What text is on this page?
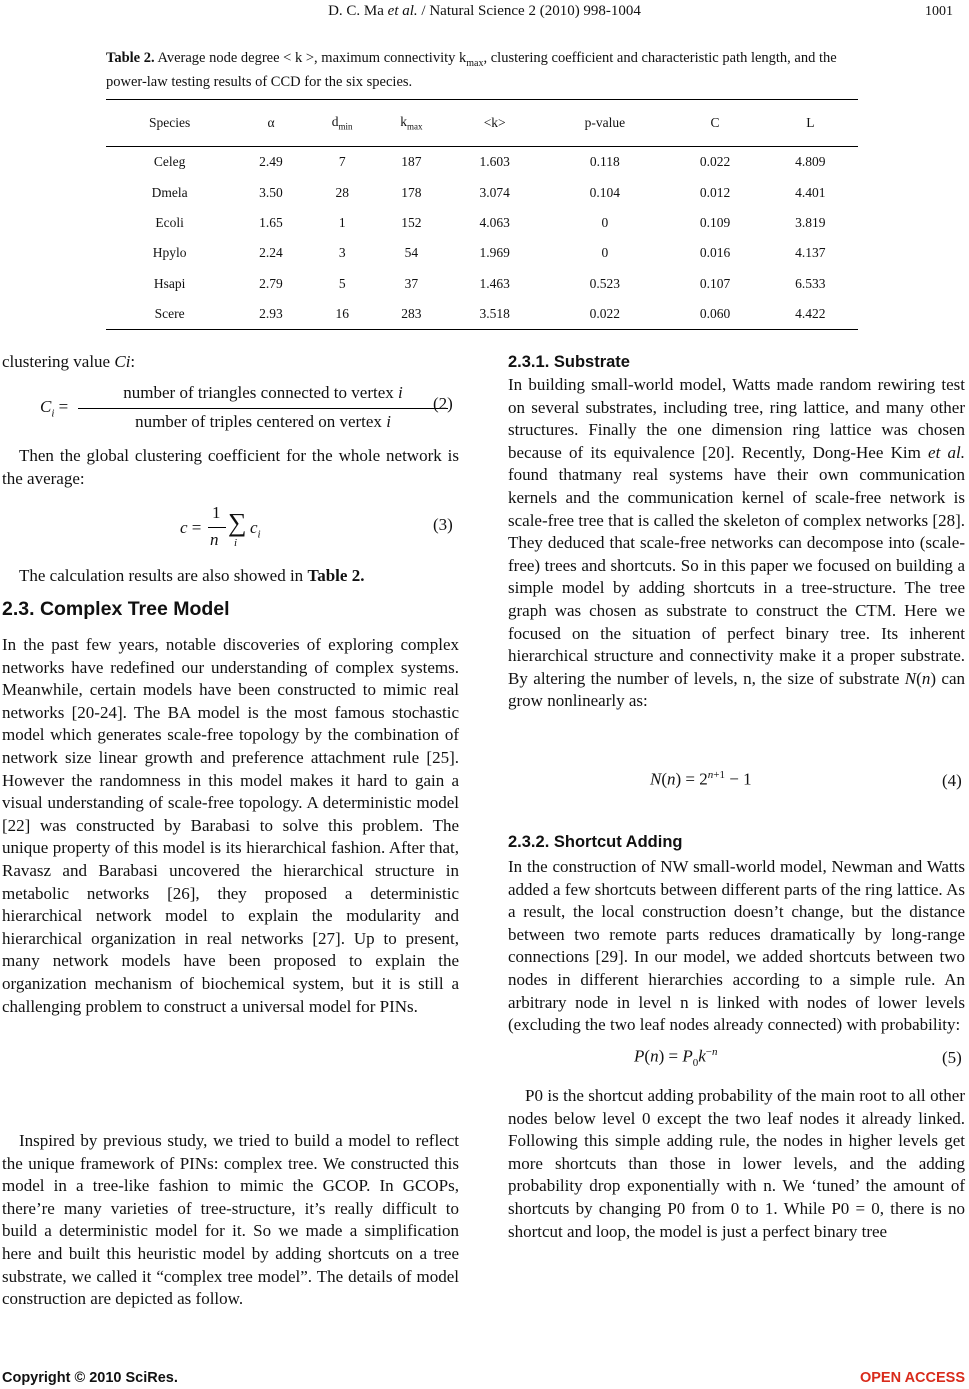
D. C. Ma et al. / Natural Science 2 (2010) 998-1004	1001
Table 2. Average node degree < k >, maximum connectivity $k_{max}$, clustering coefficient and characteristic path length, and the power-law testing results of CCD for the six species.
Species	α	$d_{min}$	$k_{max}$	<k>	p-value	C	L
Celeg	2.49	7	187	1.603	0.118	0.022	4.809
Dmela	3.50	28	178	3.074	0.104	0.012	4.401
Ecoli	1.65	1	152	4.063	0	0.109	3.819
Hpylo	2.24	3	54	1.969	0	0.016	4.137
Hsapi	2.79	5	37	1.463	0.523	0.107	6.533
Scere	2.93	16	283	3.518	0.022	0.060	4.422
clustering value Ci:
$C_i$ =
number of triangles connected to vertex i
number of triples centered on vertex i
(2)
Then the global clustering coefficient for the whole network is the average:
c =
1
n
∑
i
$c_i$
(3)
The calculation results are also showed in Table 2.
2.3. Complex Tree Model
In the past few years, notable discoveries of exploring complex networks have redefined our understanding of complex systems. Meanwhile, certain models have been constructed to mimic real networks [20-24]. The BA model is the most famous stochastic model which generates scale-free topology by the combination of network size linear growth and preference attachment rule [25]. However the randomness in this model makes it hard to gain a visual understanding of scale-free topology. A deterministic model [22] was constructed by Barabasi to solve this problem. The unique property of this model is its hierarchical fashion. After that, Ravasz and Barabasi uncovered the hierarchical structure in metabolic networks [26], they proposed a deterministic hierarchical network model to explain the modularity and hierarchical organization in real networks [27]. Up to present, many network models have been proposed to explain the organization mechanism of biochemical system, but it is still a challenging problem to construct a universal model for PINs.
Inspired by previous study, we tried to build a model to reflect the unique framework of PINs: complex tree. We constructed this model in a tree-like fashion to mimic the GCOP. In GCOPs, there’re many varieties of tree-structure, it’s really difficult to build a deterministic model for it. So we made a simplification here and built this heuristic model by adding shortcuts on a tree substrate, we called it “complex tree model”. The details of model construction are depicted as follow.
2.3.1. Substrate
In building small-world model, Watts made random rewiring test on several substrates, including tree, ring lattice, and many other structures. Finally the one dimension ring lattice was chosen because of its equivalence [20]. Recently, Dong-Hee Kim et al. found thatmany real systems have their own communication kernels and the communication kernel of scale-free network is scale-free tree that is called the skeleton of complex networks [28]. They deduced that scale-free networks can decompose into (scale-free) trees and shortcuts. So in this paper we focused on building a simple model by adding shortcuts in a tree-structure. The tree graph was chosen as substrate to construct the CTM. Here we focused on the situation of perfect binary tree. Its inherent hierarchical structure and connectivity make it a proper substrate. By altering the number of levels, n, the size of substrate N(n) can grow nonlinearly as:
$N(n) = 2^{n+1} - 1$	(4)
2.3.2. Shortcut Adding
In the construction of NW small-world model, Newman and Watts added a few shortcuts between different parts of the ring lattice. As a result, the local construction doesn’t change, but the distance between two remote parts reduces dramatically by long-range connections [29]. In our model, we added shortcuts between two nodes in different hierarchies according to a simple rule. An arbitrary node in level n is linked with nodes of lower levels (excluding the two leaf nodes already connected) with probability:
$P(n) = P_0k^{-n}$	(5)
P0 is the shortcut adding probability of the main root to all other nodes below level 0 except the two leaf nodes it already linked. Following this simple adding rule, the nodes in higher levels get more shortcuts than those in lower levels, and the adding probability drop exponentially with n. We ‘tuned’ the amount of shortcuts by changing P0 from 0 to 1. While P0 = 0, there is no shortcut and loop, the model is just a perfect binary tree
Copyright © 2010 SciRes.	OPEN ACCESS
